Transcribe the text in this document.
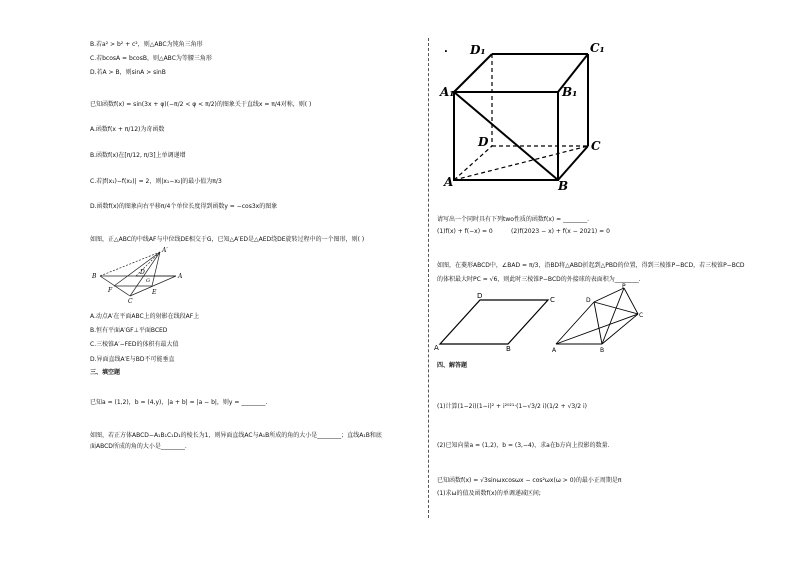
B.若a² > b² + c²，则△ABC为钝角三角形
C.若bcosA = bcosB，则△ABC为等腰三角形
D.若A > B，则sinA > sinB
已知函数f(x) = sin(3x + φ)(−π/2 < φ < π/2)的图象关于直线x = π/4对称，则( )
A.函数f(x + π/12)为奇函数
B.函数f(x)在[π/12, π/3]上单调递增
C.若|f(x₁)−f(x₂)| = 2，则|x₁−x₂|的最小值为π/3
D.函数f(x)的图象向右平移π/4个单位长度得到函数y = −cos3x的图象
如图，正△ABC的中线AF与中位线DE相交于G，已知△A′ED是△AED绕DE旋转过程中的一个图形，则( )
A′
B
D
G
C
F	E
A
A.动点A′在平面ABC上的射影在线段AF上
B.恒有平面A′GF⊥平面BCED
C.三棱锥A′−FED的体积有最大值
D.异面直线A′E与BD不可能垂直
三、填空题
已知a = (1,2)，b = (4,y)，|a + b| = |a − b|，则y = ________.
如图，若正方体ABCD−A₁B₁C₁D₁的棱长为1，则异面直线AC与A₁B所成的角的大小是________；直线A₁B和底
面ABCD所成的角的大小是________.
. D₁	C₁
A₁	B₁
D	C
A	B
请写出一个同时具有下列two性质的函数f(x) = ________.
(1)f(x) + f(−x) = 0	(2)f(2023 − x) + f(x − 2021) = 0
如图，在菱形ABCD中，∠BAD = π/3，沿BD将△ABD折起到△PBD的位置，得到三棱锥P−BCD，若三棱锥P−BCD
的体积最大时PC = √6，则此时三棱锥P−BCD的外接球的表面积为________.
D	C
A	B
P
D
C
A	B
四、解答题
(1)计算(1−2i)(1−i)² + i²⁰²¹·(1−√3/2 i)(1/2 + √3/2 i)
(2)已知向量a = (1,2)，b = (3,−4)，求a在b方向上投影的数量.
已知函数f(x) = √3sinωxcosωx − cos²ωx(ω > 0)的最小正周期是π
(1)求ω的值及函数f(x)的单调递减区间;
